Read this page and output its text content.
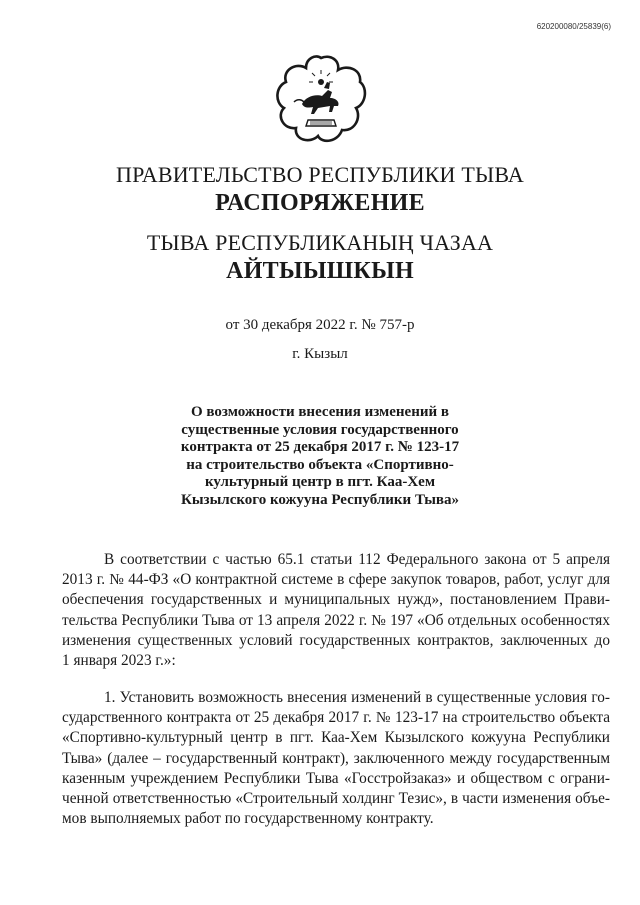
620200080/25839(6)
ПРАВИТЕЛЬСТВО РЕСПУБЛИКИ ТЫВА
РАСПОРЯЖЕНИЕ
ТЫВА РЕСПУБЛИКАНЫҢ ЧАЗАА
АЙТЫЫШКЫН
от 30 декабря 2022 г. № 757-р
г. Кызыл
О возможности внесения изменений в
существенные условия государственного
контракта от 25 декабря 2017 г. № 123-17
на строительство объекта «Спортивно-
культурный центр в пгт. Каа-Хем
Кызылского кожууна Республики Тыва»
В соответствии с частью 65.1 статьи 112 Федерального закона от 5 апреля
2013 г. № 44-ФЗ «О контрактной системе в сфере закупок товаров, работ, услуг для
обеспечения государственных и муниципальных нужд», постановлением Прави-
тельства Республики Тыва от 13 апреля 2022 г. № 197 «Об отдельных особенностях
изменения существенных условий государственных контрактов, заключенных до
1 января 2023 г.»:
1. Установить возможность внесения изменений в существенные условия го-
сударственного контракта от 25 декабря 2017 г. № 123-17 на строительство объекта
«Спортивно-культурный центр в пгт. Каа-Хем Кызылского кожууна Республики
Тыва» (далее – государственный контракт), заключенного между государственным
казенным учреждением Республики Тыва «Госстройзаказ» и обществом с ограни-
ченной ответственностью «Строительный холдинг Тезис», в части изменения объе-
мов выполняемых работ по государственному контракту.
